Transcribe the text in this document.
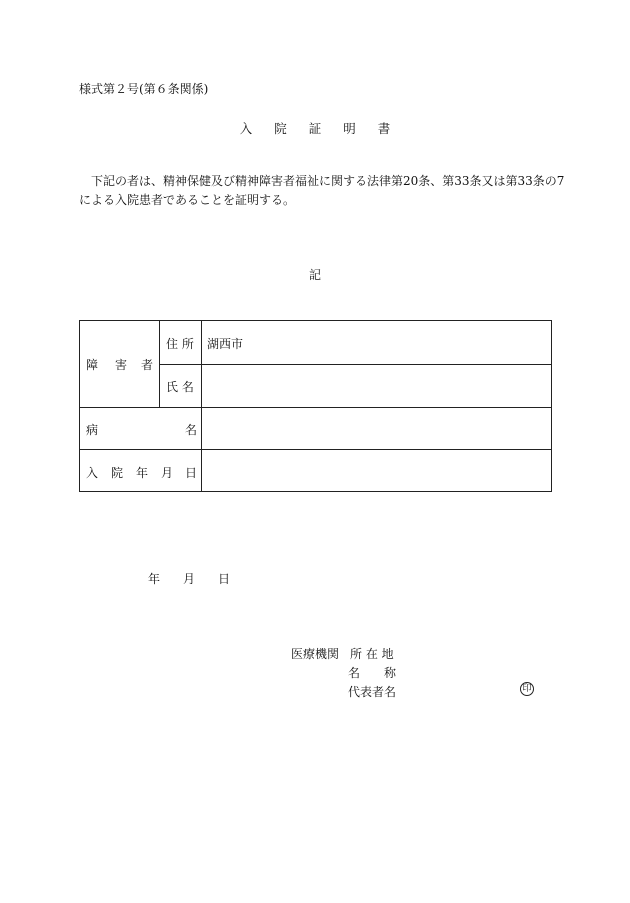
様式第２号(第６条関係)
入 院 証 明 書
　下記の者は、精神保健及び精神障害者福祉に関する法律第20条、第33条又は第33条の7
による入院患者であることを証明する。
記
障 害 者
住 所 湖西市
氏 名
病	名
入 院 年 月 日
年 月 日
医療機関 所 在 地
名　　称
代表者名	印
